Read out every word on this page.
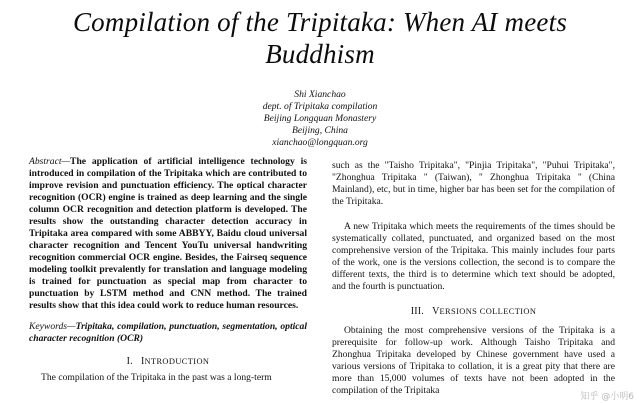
Compilation of the Tripitaka: When AI meets
Buddhism
Shi Xianchao
dept. of Tripitaka compilation
Beijing Longquan Monastery
Beijing, China
xianchao@longquan.org

Abstract—The application of artificial intelligence technology is introduced in compilation of the Tripitaka which are contributed to improve revision and punctuation efficiency. The optical character recognition (OCR) engine is trained as deep learning and the single column OCR recognition and detection platform is developed. The results show the outstanding character detection accuracy in Tripitaka area compared with some ABBYY, Baidu cloud universal character recognition and Tencent YouTu universal handwriting recognition commercial OCR engine. Besides, the Fairseq sequence modeling toolkit prevalently for translation and language modeling is trained for punctuation as special map from character to punctuation by LSTM method and CNN method. The trained results show that this idea could work to reduce human resources.

Keywords—Tripitaka, compilation, punctuation, segmentation, optical character recognition (OCR)

I. INTRODUCTION

The compilation of the Tripitaka in the past was a long-term

such as the "Taisho Tripitaka", "Pinjia Tripitaka", "Puhui Tripitaka", "Zhonghua Tripitaka " (Taiwan), " Zhonghua Tripitaka " (China Mainland), etc, but in time, higher bar has been set for the compilation of the Tripitaka.

A new Tripitaka which meets the requirements of the times should be systematically collated, punctuated, and organized based on the most comprehensive version of the Tripitaka. This mainly includes four parts of the work, one is the versions collection, the second is to compare the different texts, the third is to determine which text should be adopted, and the fourth is punctuation.

III. VERSIONS COLLECTION

Obtaining the most comprehensive versions of the Tripitaka is a prerequisite for follow-up work. Although Taisho Tripitaka and Zhonghua Tripitaka developed by Chinese government have used a various versions of Tripitaka to collation, it is a great pity that there are more than 15,000 volumes of texts have not been adopted in the compilation of the Tripitaka

知乎 @小明6
